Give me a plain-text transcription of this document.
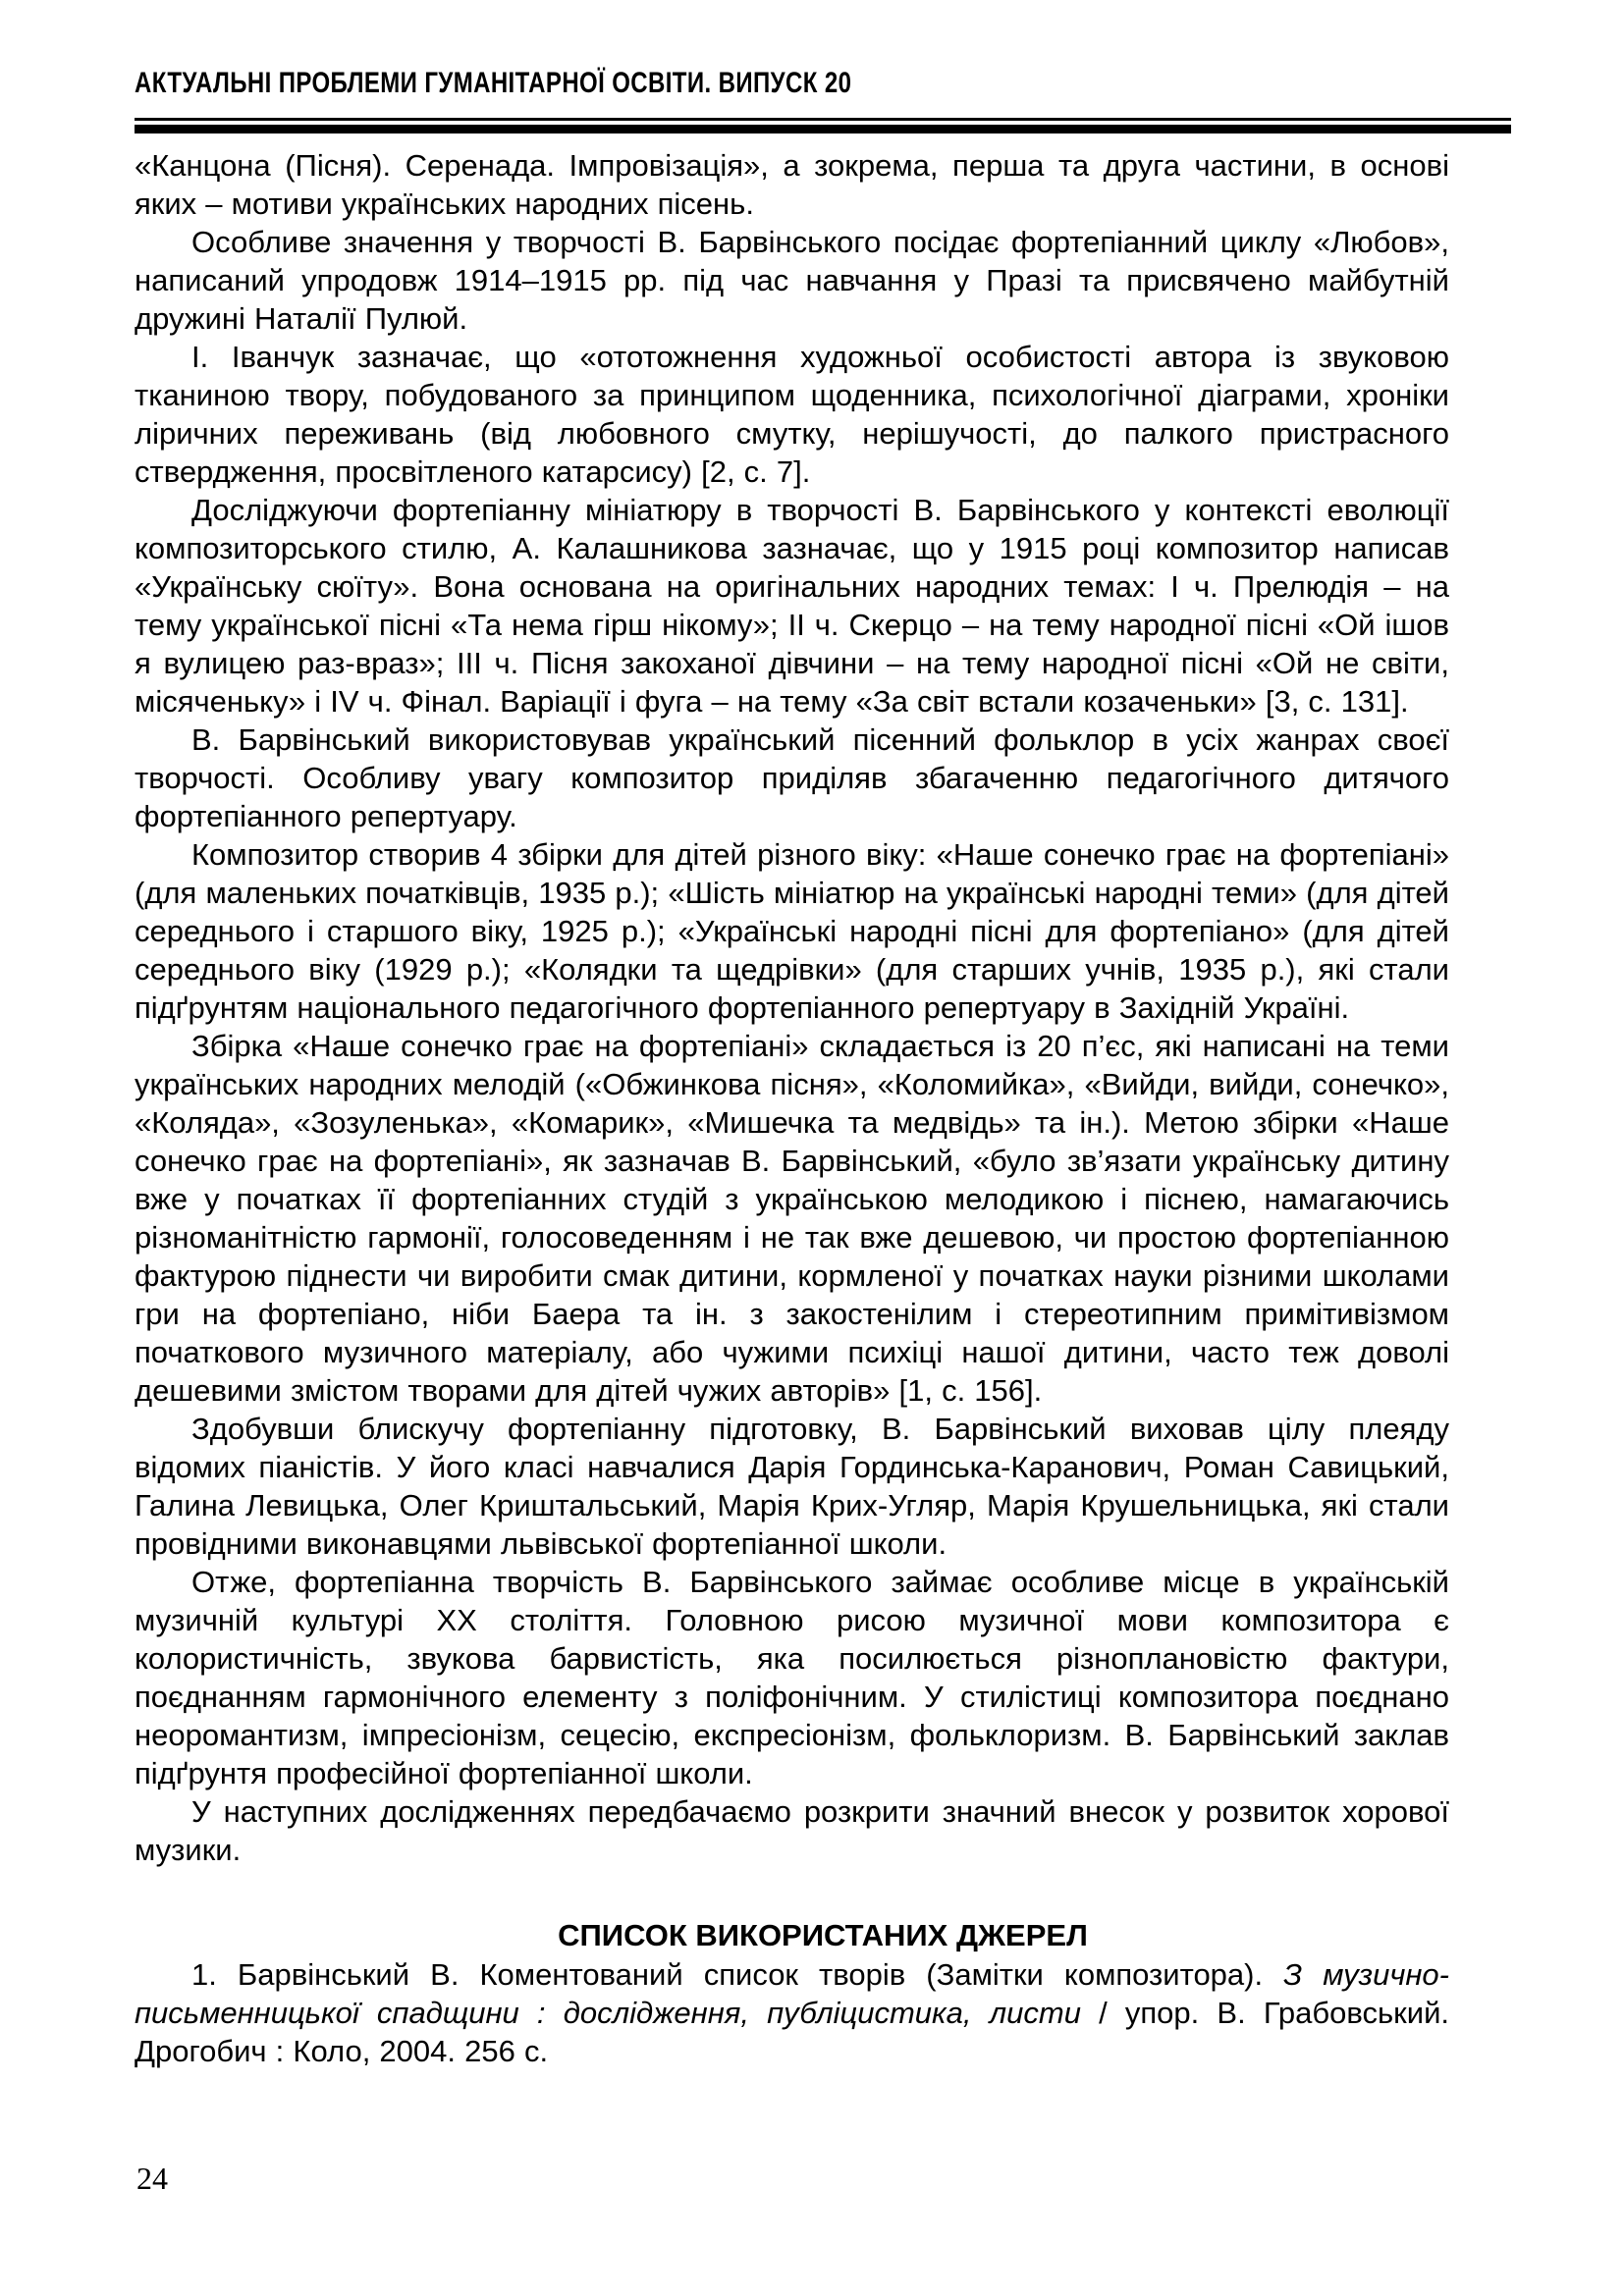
АКТУАЛЬНІ ПРОБЛЕМИ ГУМАНІТАРНОЇ ОСВІТИ. ВИПУСК 20

«Канцона (Пісня). Серенада. Імпровізація», а зокрема, перша та друга частини, в основі яких – мотиви українських народних пісень.

Особливе значення у творчості В. Барвінського посідає фортепіанний циклу «Любов», написаний упродовж 1914–1915 рр. під час навчання у Празі та присвячено майбутній дружині Наталії Пулюй.

І. Іванчук зазначає, що «ототожнення художньої особистості автора із звуковою тканиною твору, побудованого за принципом щоденника, психологічної діаграми, хроніки ліричних переживань (від любовного смутку, нерішучості, до палкого пристрасного ствердження, просвітленого катарсису) [2, с. 7].

Досліджуючи фортепіанну мініатюру в творчості В. Барвінського у контексті еволюції композиторського стилю, А. Калашникова зазначає, що у 1915 році композитор написав «Українську сюїту». Вона основана на оригінальних народних темах: І ч. Прелюдія – на тему української пісні «Та нема гірш нікому»; ІІ ч. Скерцо – на тему народної пісні «Ой ішов я вулицею раз-враз»; ІІІ ч. Пісня закоханої дівчини – на тему народної пісні «Ой не світи, місяченьку» і ІV ч. Фінал. Варіації і фуга – на тему «За світ встали козаченьки» [3, с. 131].

В. Барвінський використовував український пісенний фольклор в усіх жанрах своєї творчості. Особливу увагу композитор приділяв збагаченню педагогічного дитячого фортепіанного репертуару.

Композитор створив 4 збірки для дітей різного віку: «Наше сонечко грає на фортепіані» (для маленьких початківців, 1935 р.); «Шість мініатюр на українські народні теми» (для дітей середнього і старшого віку, 1925 р.); «Українські народні пісні для фортепіано» (для дітей середнього віку (1929 р.); «Колядки та щедрівки» (для старших учнів, 1935 р.), які стали підґрунтям національного педагогічного фортепіанного репертуару в Західній Україні.

Збірка «Наше сонечко грає на фортепіані» складається із 20 п’єс, які написані на теми українських народних мелодій («Обжинкова пісня», «Коломийка», «Вийди, вийди, сонечко», «Коляда», «Зозуленька», «Комарик», «Мишечка та медвідь» та ін.). Метою збірки «Наше сонечко грає на фортепіані», як зазначав В. Барвінський, «було зв’язати українську дитину вже у початках її фортепіанних студій з українською мелодикою і піснею, намагаючись різноманітністю гармонії, голосоведенням і не так вже дешевою, чи простою фортепіанною фактурою піднести чи виробити смак дитини, кормленої у початках науки різними школами гри на фортепіано, ніби Баера та ін. з закостенілим і стереотипним примітивізмом початкового музичного матеріалу, або чужими психіці нашої дитини, часто теж доволі дешевими змістом творами для дітей чужих авторів» [1, с. 156].

Здобувши блискучу фортепіанну підготовку, В. Барвінський виховав цілу плеяду відомих піаністів. У його класі навчалися Дарія Гординська-Каранович, Роман Савицький, Галина Левицька, Олег Криштальський, Марія Крих-Угляр, Марія Крушельницька, які стали провідними виконавцями львівської фортепіанної школи.

Отже, фортепіанна творчість В. Барвінського займає особливе місце в українській музичній культурі ХХ століття. Головною рисою музичної мови композитора є колористичність, звукова барвистість, яка посилюється різноплановістю фактури, поєднанням гармонічного елементу з поліфонічним. У стилістиці композитора поєднано неоромантизм, імпресіонізм, сецесію, експресіонізм, фольклоризм. В. Барвінський заклав підґрунтя професійної фортепіанної школи.

У наступних дослідженнях передбачаємо розкрити значний внесок у розвиток хорової музики.

СПИСОК ВИКОРИСТАНИХ ДЖЕРЕЛ

1. Барвінський В. Коментований список творів (Замітки композитора). З музично-письменницької спадщини : дослідження, публіцистика, листи / упор. В. Грабовський. Дрогобич : Коло, 2004. 256 с.

24
